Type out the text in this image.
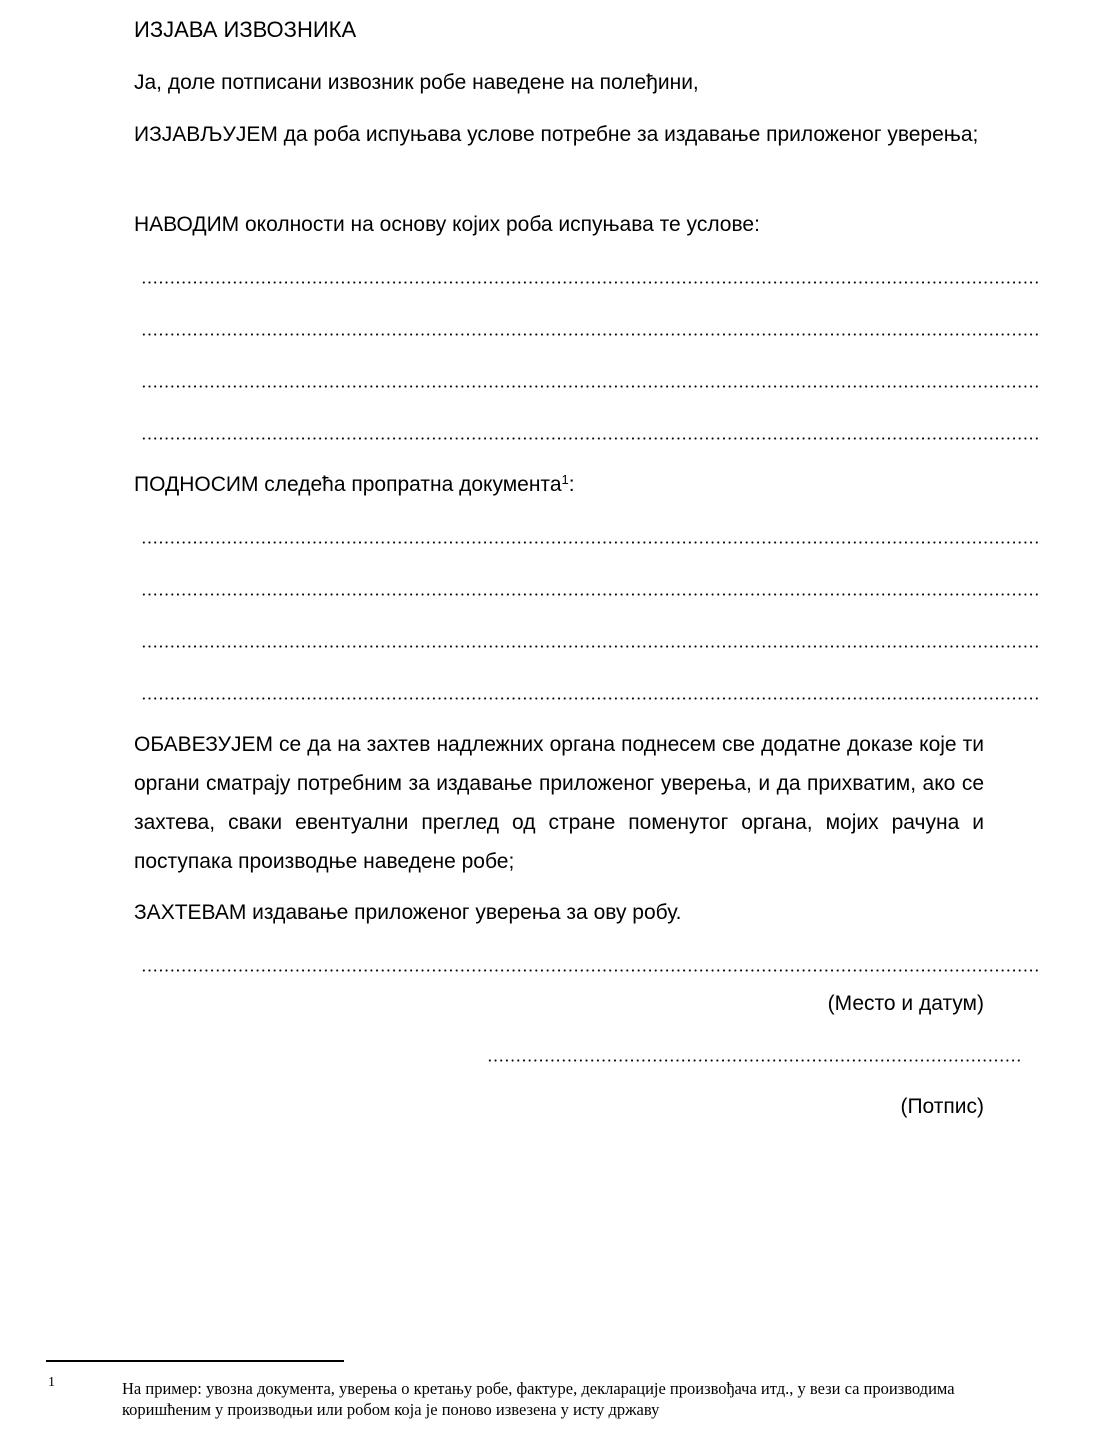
ИЗЈАВА ИЗВОЗНИКА
Ја, доле потписани извозник робе наведене на полеђини,
ИЗЈАВЉУЈЕМ да роба испуњава услове потребне за издавање приложеног уверења;
НАВОДИМ околности на основу којих роба испуњава те услове:
ПОДНОСИМ следећа пропратна документа$^1$:
ОБАВЕЗУЈЕМ се да на захтев надлежних органа поднесем све додатне доказе које ти органи сматрају потребним за издавање приложеног уверења, и да прихватим, ако се захтева, сваки евентуални преглед од стране поменутог органа, мојих рачуна и поступака производње наведене робе;
ЗАХТЕВАМ издавање приложеног уверења за ову робу.
(Место и датум)
(Потпис)
1	На пример: увозна документа, уверења о кретању робе, фактуре, декларације произвођача итд., у вези са производима коришћеним у производњи или робом која је поново извезена у исту државу
